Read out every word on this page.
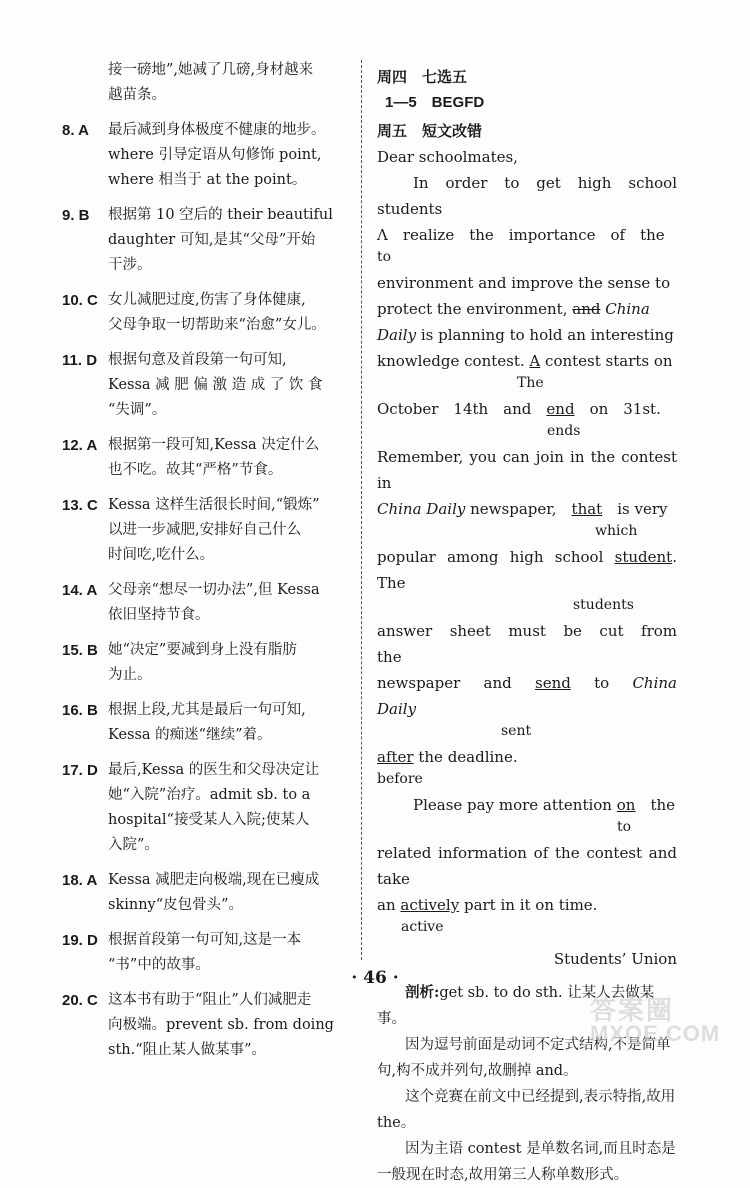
接一磅地”,她减了几磅,身材越来

越苗条。

8. A 最后减到身体极度不健康的地步。

where 引导定语从句修饰 point,

where 相当于 at the point。

9. B 根据第 10 空后的 their beautiful

daughter 可知,是其“父母”开始

干涉。

10. C 女儿减肥过度,伤害了身体健康,

父母争取一切帮助来“治愈”女儿。

11. D 根据句意及首段第一句可知,

Kessa 减 肥 偏 激 造 成 了 饮 食

“失调”。

12. A 根据第一段可知,Kessa 决定什么

也不吃。故其“严格”节食。

13. C Kessa 这样生活很长时间,“锻炼”

以进一步减肥,安排好自己什么

时间吃,吃什么。

14. A 父母亲“想尽一切办法”,但 Kessa

依旧坚持节食。

15. B 她“决定”要减到身上没有脂肪

为止。

16. B 根据上段,尤其是最后一句可知,

Kessa 的痴迷“继续”着。

17. D 最后,Kessa 的医生和父母决定让

她“入院”治疗。admit sb. to a

hospital“接受某人入院;使某人

入院”。

18. A Kessa 减肥走向极端,现在已瘦成

skinny“皮包骨头”。

19. D 根据首段第一句可知,这是一本

“书”中的故事。

20. C 这本书有助于“阻止”人们减肥走

向极端。prevent sb. from doing

sth.“阻止某人做某事”。

周四　七选五

1—5　BEGFD

周五　短文改错

Dear schoolmates,

In order to get high school students

Λ　realize　the　importance　of　the

to

environment and improve the sense to

protect the environment, and China

Daily is planning to hold an interesting

knowledge contest. A contest starts on

The

October　14th　and　 end　 on　31st.

ends

Remember, you can join in the contest in

China Daily newspaper,　 that　 is very

which

popular among high school student. The

students

answer　sheet　must　be　cut　from　the

newspaper　and　 send　 to　 China Daily

sent

after the deadline.

before

Please pay more attention on　 the

to

related information of the contest and take

an actively part in it on time.

active

Students’ Union

剖析:get sb. to do sth. 让某人去做某事。

因为逗号前面是动词不定式结构,不是简单句,构不成并列句,故删掉 and。

这个竞赛在前文中已经提到,表示特指,故用 the。

因为主语 contest 是单数名词,而且时态是一般现在时态,故用第三人称单数形式。

· 46 ·
答案圈
MXQE.COM
